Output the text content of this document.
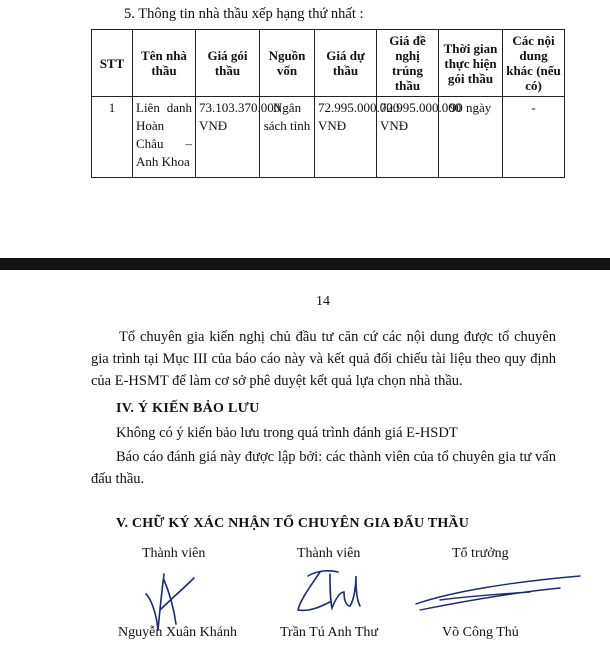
5. Thông tin nhà thầu xếp hạng thứ nhất :
STT	Tên nhà thầu	Giá gói thầu	Nguồn vốn	Giá dự thầu	Giá đề nghị trúng thầu	Thời gian thực hiện gói thầu	Các nội dung khác (nếu có)
1	Liên danh Hoàn Châu – Anh Khoa	73.103.370.000 VNĐ	Ngân sách tỉnh	72.995.000.000 VNĐ	72.995.000.000 VNĐ	90 ngày	-
14
Tổ chuyên gia kiến nghị chủ đầu tư căn cứ các nội dung được tổ chuyên gia trình tại Mục III của báo cáo này và kết quả đối chiếu tài liệu theo quy định của E-HSMT để làm cơ sở phê duyệt kết quả lựa chọn nhà thầu.
IV. Ý KIẾN BẢO LƯU
Không có ý kiến bảo lưu trong quá trình đánh giá E-HSDT
Báo cáo đánh giá này được lập bởi: các thành viên của tổ chuyên gia tư vấn đấu thầu.
V. CHỮ KÝ XÁC NHẬN TỔ CHUYÊN GIA ĐẤU THẦU
Thành viên	Thành viên	Tổ trưởng
Nguyễn Xuân Khánh	Trần Tú Anh Thư	Võ Công Thủ
